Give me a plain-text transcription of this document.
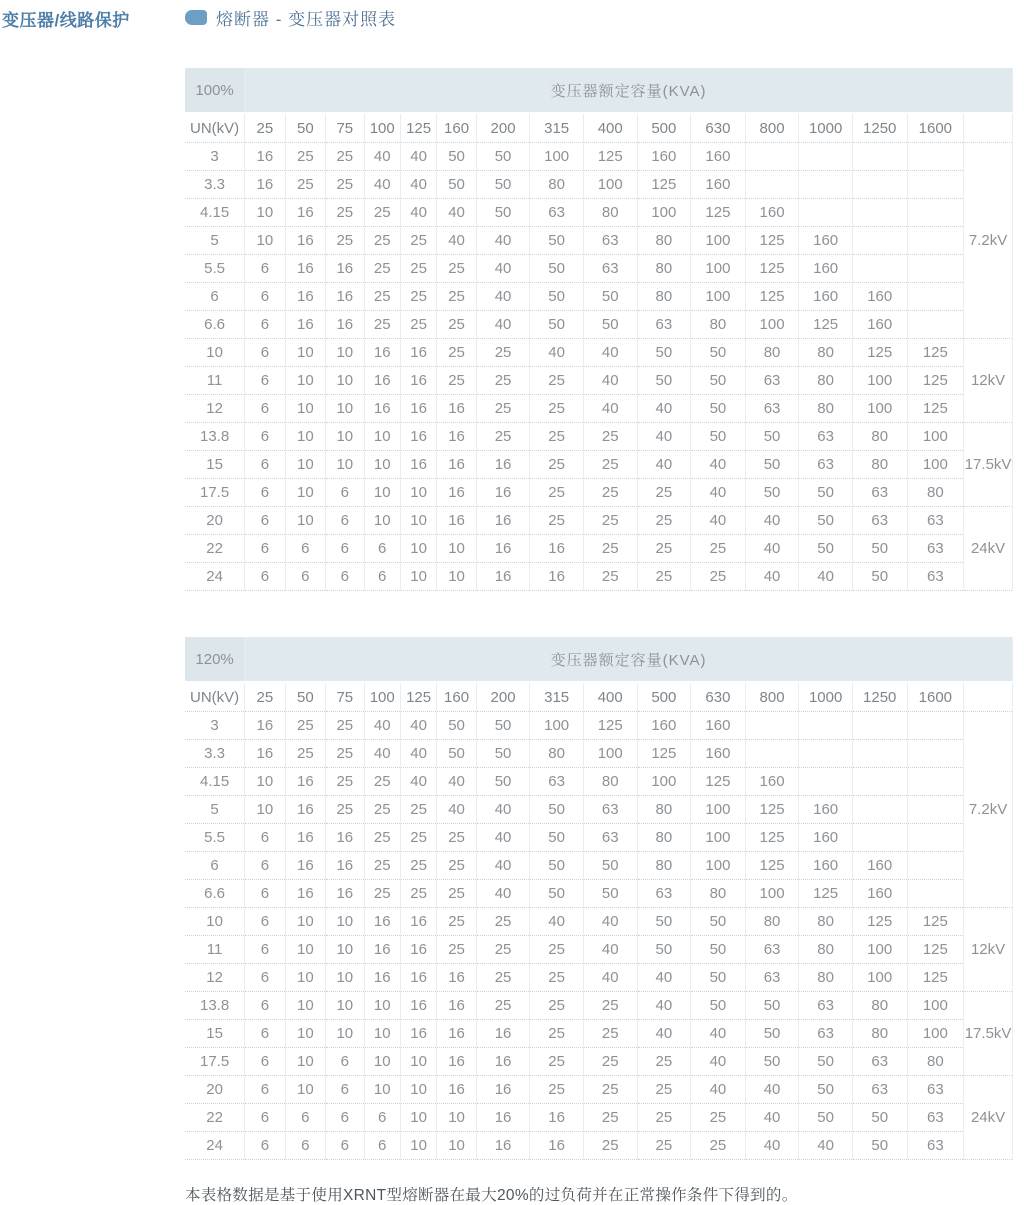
变压器/线路保护	熔断器 - 变压器对照表
100%	变压器额定容量(KVA)															
UN(kV)	25	50	75	100	125	160	200	315	400	500	630	800	1000	1250	1600	
3	16	25	25	40	40	50	50	100	125	160	160					7.2kV
3.3	16	25	25	40	40	50	50	80	100	125	160					
4.15	10	16	25	25	40	40	50	63	80	100	125	160				
5	10	16	25	25	25	40	40	50	63	80	100	125	160			
5.5	6	16	16	25	25	25	40	50	63	80	100	125	160			
6	6	16	16	25	25	25	40	50	50	80	100	125	160	160		
6.6	6	16	16	25	25	25	40	50	50	63	80	100	125	160		
10	6	10	10	16	16	25	25	40	40	50	50	80	80	125	125	12kV
11	6	10	10	16	16	25	25	25	40	50	50	63	80	100	125	
12	6	10	10	16	16	16	25	25	40	40	50	63	80	100	125	
13.8	6	10	10	10	16	16	25	25	25	40	50	50	63	80	100	17.5kV
15	6	10	10	10	16	16	16	25	25	40	40	50	63	80	100	
17.5	6	10	6	10	10	16	16	25	25	25	40	50	50	63	80	
20	6	10	6	10	10	16	16	25	25	25	40	40	50	63	63	24kV
22	6	6	6	6	10	10	16	16	25	25	25	40	50	50	63	
24	6	6	6	6	10	10	16	16	25	25	25	40	40	50	63	
120%	变压器额定容量(KVA)															
UN(kV)	25	50	75	100	125	160	200	315	400	500	630	800	1000	1250	1600	
3	16	25	25	40	40	50	50	100	125	160	160					7.2kV
3.3	16	25	25	40	40	50	50	80	100	125	160					
4.15	10	16	25	25	40	40	50	63	80	100	125	160				
5	10	16	25	25	25	40	40	50	63	80	100	125	160			
5.5	6	16	16	25	25	25	40	50	63	80	100	125	160			
6	6	16	16	25	25	25	40	50	50	80	100	125	160	160		
6.6	6	16	16	25	25	25	40	50	50	63	80	100	125	160		
10	6	10	10	16	16	25	25	40	40	50	50	80	80	125	125	12kV
11	6	10	10	16	16	25	25	25	40	50	50	63	80	100	125	
12	6	10	10	16	16	16	25	25	40	40	50	63	80	100	125	
13.8	6	10	10	10	16	16	25	25	25	40	50	50	63	80	100	17.5kV
15	6	10	10	10	16	16	16	25	25	40	40	50	63	80	100	
17.5	6	10	6	10	10	16	16	25	25	25	40	50	50	63	80	
20	6	10	6	10	10	16	16	25	25	25	40	40	50	63	63	24kV
22	6	6	6	6	10	10	16	16	25	25	25	40	50	50	63	
24	6	6	6	6	10	10	16	16	25	25	25	40	40	50	63	
本表格数据是基于使用XRNT型熔断器在最大20%的过负荷并在正常操作条件下得到的。
